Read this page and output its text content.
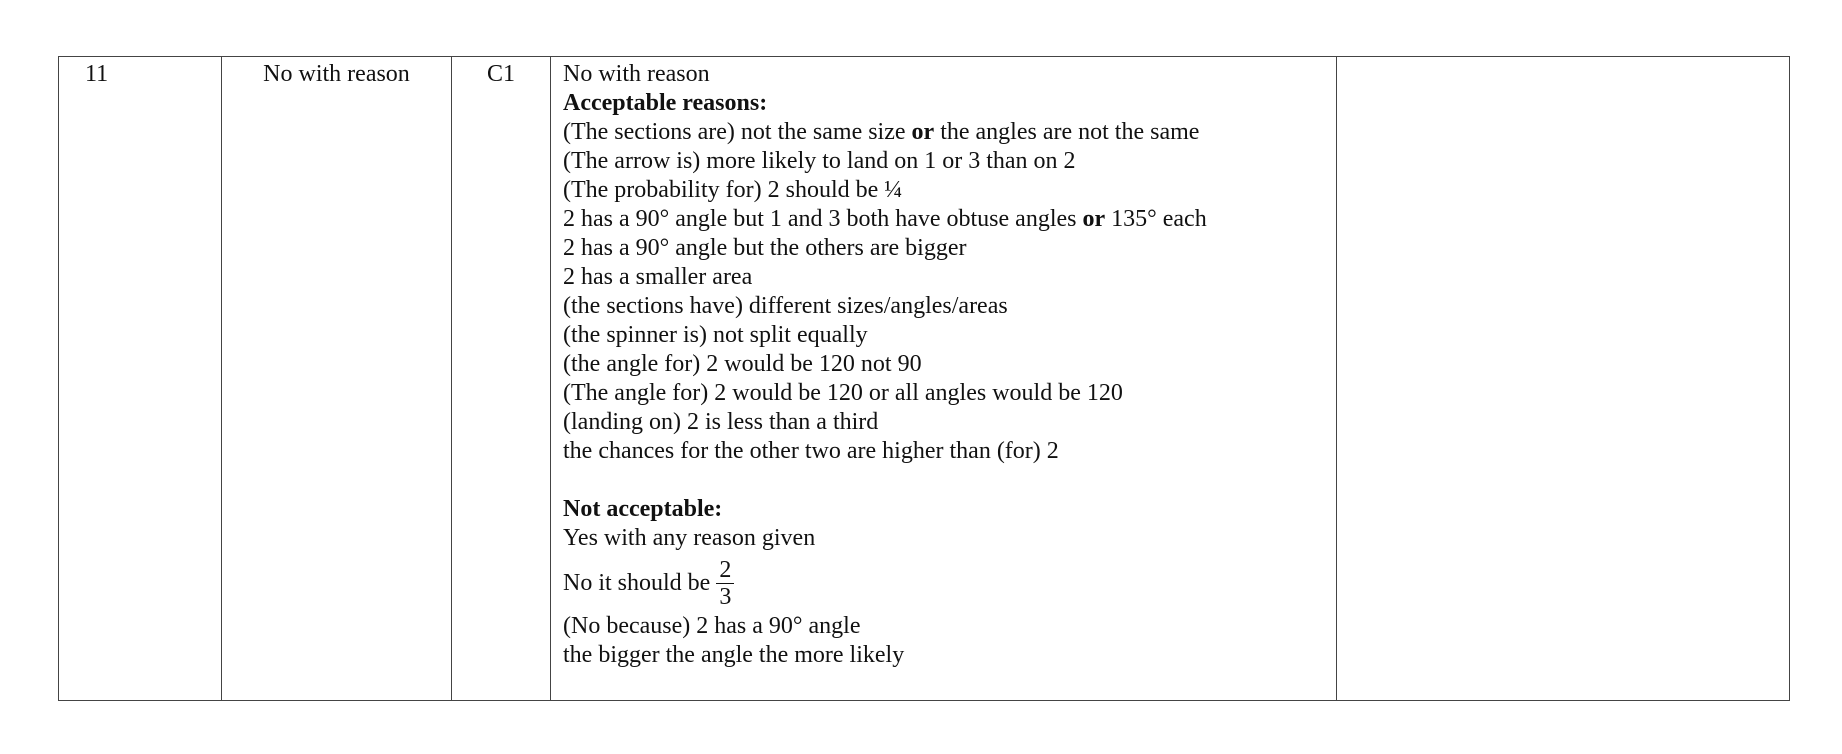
11	No with reason	C1	No with reason
Acceptable reasons:
(The sections are) not the same size or the angles are not the same
(The arrow is) more likely to land on 1 or 3 than on 2
(The probability for) 2 should be ¼
2 has a 90° angle but 1 and 3 both have obtuse angles or 135° each
2 has a 90° angle but the others are bigger
2 has a smaller area
(the sections have) different sizes/angles/areas
(the spinner is) not split equally
(the angle for) 2 would be 120 not 90
(The angle for) 2 would be 120 or all angles would be 120
(landing on) 2 is less than a third
the chances for the other two are higher than (for) 2
Not acceptable:
Yes with any reason given
No it should be $\frac{2}{3}$
(No because) 2 has a 90° angle
the bigger the angle the more likely
